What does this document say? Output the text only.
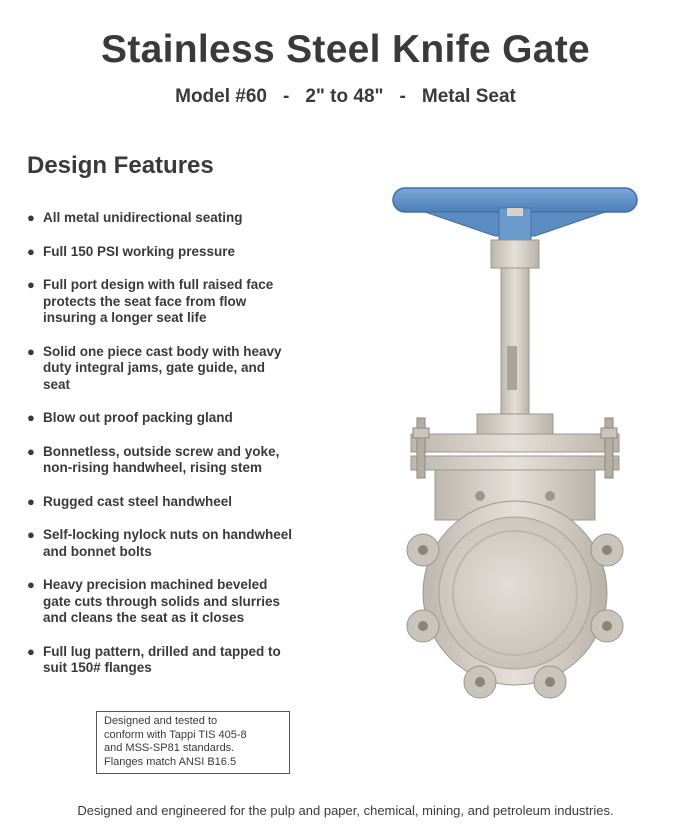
Stainless Steel Knife Gate
Model #60 - 2" to 48" - Metal Seat
Design Features
● All metal unidirectional seating
● Full 150 PSI working pressure
● Full port design with full raised face
protects the seat face from flow
insuring a longer seat life
● Solid one piece cast body with heavy
duty integral jams, gate guide, and
seat
● Blow out proof packing gland
● Bonnetless, outside screw and yoke,
non-rising handwheel, rising stem
● Rugged cast steel handwheel
● Self-locking nylock nuts on handwheel
and bonnet bolts
● Heavy precision machined beveled
gate cuts through solids and slurries
and cleans the seat as it closes
● Full lug pattern, drilled and tapped to
suit 150# flanges
Designed and tested to
conform with Tappi TIS 405-8
and MSS-SP81 standards.
Flanges match ANSI B16.5
Designed and engineered for the pulp and paper, chemical, mining, and petroleum industries.
